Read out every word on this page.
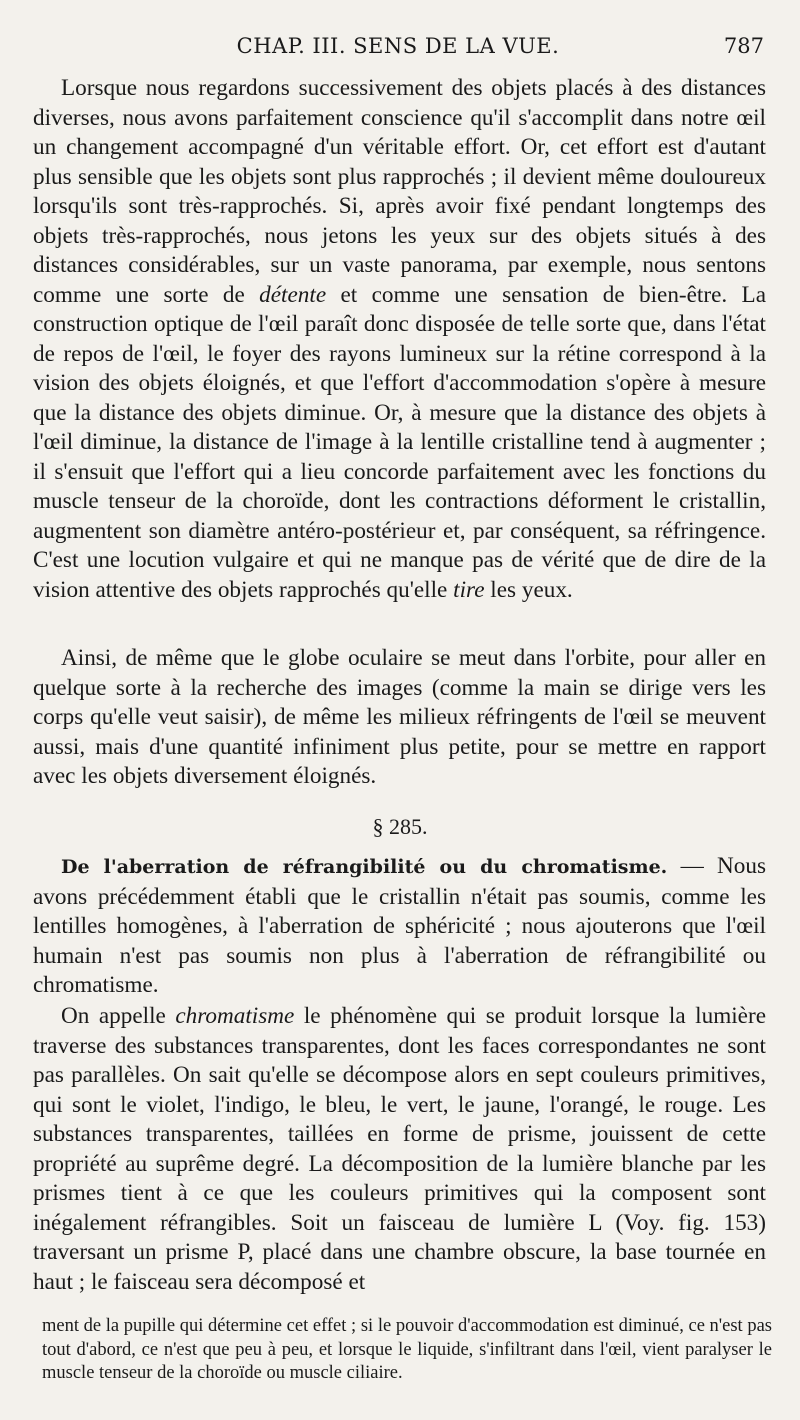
CHAP. III. SENS DE LA VUE.	787

Lorsque nous regardons successivement des objets placés à des distances diverses, nous avons parfaitement conscience qu'il s'accomplit dans notre œil un changement accompagné d'un véritable effort. Or, cet effort est d'autant plus sensible que les objets sont plus rapprochés ; il devient même douloureux lorsqu'ils sont très-rapprochés. Si, après avoir fixé pendant longtemps des objets très-rapprochés, nous jetons les yeux sur des objets situés à des distances considérables, sur un vaste panorama, par exemple, nous sentons comme une sorte de détente et comme une sensation de bien-être. La construction optique de l'œil paraît donc disposée de telle sorte que, dans l'état de repos de l'œil, le foyer des rayons lumineux sur la rétine correspond à la vision des objets éloignés, et que l'effort d'accommodation s'opère à mesure que la distance des objets diminue. Or, à mesure que la distance des objets à l'œil diminue, la distance de l'image à la lentille cristalline tend à augmenter ; il s'ensuit que l'effort qui a lieu concorde parfaitement avec les fonctions du muscle tenseur de la choroïde, dont les contractions déforment le cristallin, augmentent son diamètre antéro-postérieur et, par conséquent, sa réfringence. C'est une locution vulgaire et qui ne manque pas de vérité que de dire de la vision attentive des objets rapprochés qu'elle tire les yeux.

Ainsi, de même que le globe oculaire se meut dans l'orbite, pour aller en quelque sorte à la recherche des images (comme la main se dirige vers les corps qu'elle veut saisir), de même les milieux réfringents de l'œil se meuvent aussi, mais d'une quantité infiniment plus petite, pour se mettre en rapport avec les objets diversement éloignés.

§ 285.

De l'aberration de réfrangibilité ou du chromatisme. — Nous avons précédemment établi que le cristallin n'était pas soumis, comme les lentilles homogènes, à l'aberration de sphéricité ; nous ajouterons que l'œil humain n'est pas soumis non plus à l'aberration de réfrangibilité ou chromatisme.

On appelle chromatisme le phénomène qui se produit lorsque la lumière traverse des substances transparentes, dont les faces correspondantes ne sont pas parallèles. On sait qu'elle se décompose alors en sept couleurs primitives, qui sont le violet, l'indigo, le bleu, le vert, le jaune, l'orangé, le rouge. Les substances transparentes, taillées en forme de prisme, jouissent de cette propriété au suprême degré. La décomposition de la lumière blanche par les prismes tient à ce que les couleurs primitives qui la composent sont inégalement réfrangibles. Soit un faisceau de lumière L (Voy. fig. 153) traversant un prisme P, placé dans une chambre obscure, la base tournée en haut ; le faisceau sera décomposé et

ment de la pupille qui détermine cet effet ; si le pouvoir d'accommodation est diminué, ce n'est pas tout d'abord, ce n'est que peu à peu, et lorsque le liquide, s'infiltrant dans l'œil, vient paralyser le muscle tenseur de la choroïde ou muscle ciliaire.
